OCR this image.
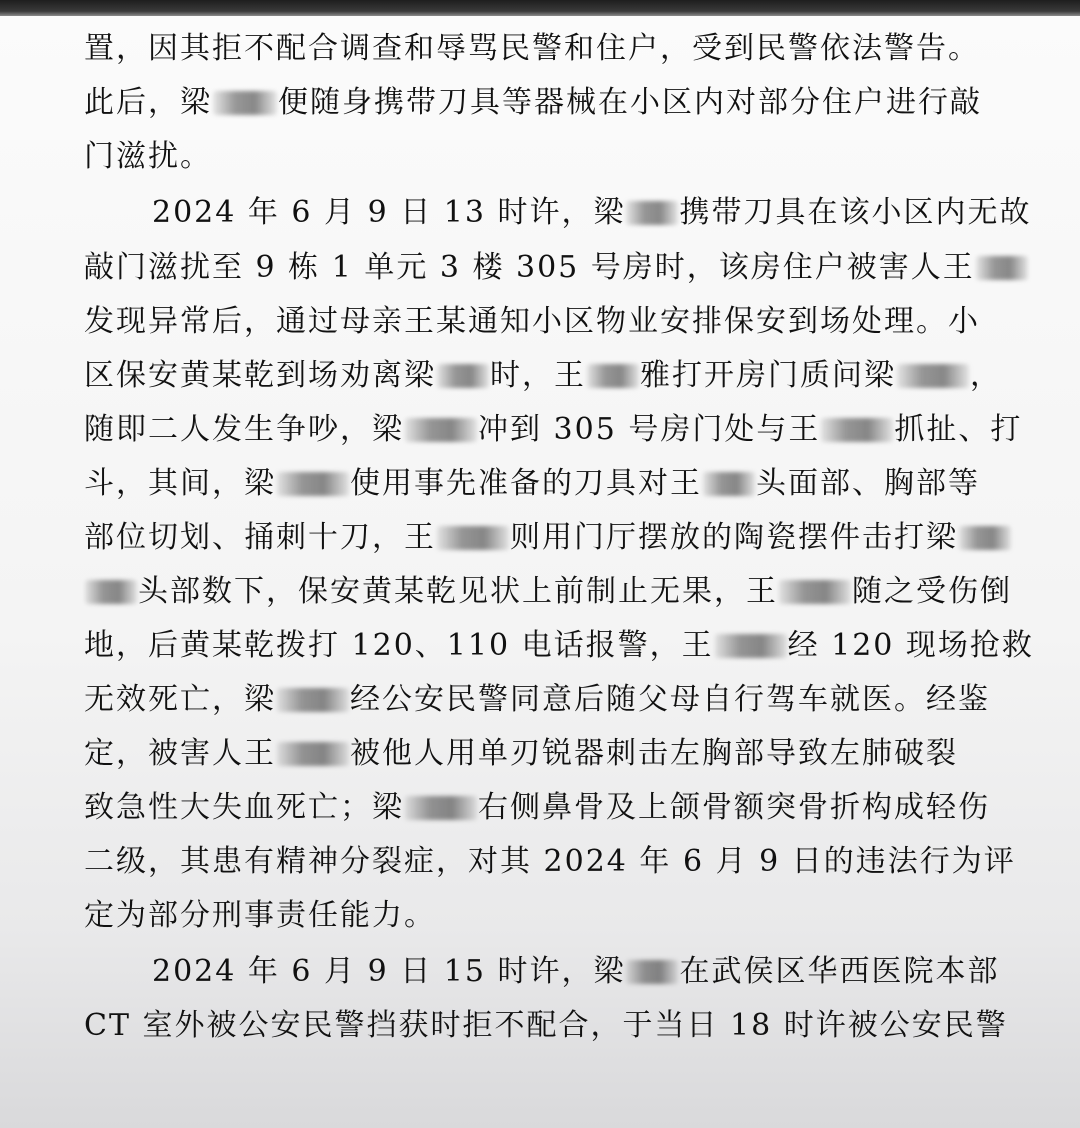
置，因其拒不配合调查和辱骂民警和住户，受到民警依法警告。
此后，梁 便随身携带刀具等器械在小区内对部分住户进行敲
门滋扰。
2024 年 6 月 9 日 13 时许，梁 携带刀具在该小区内无故
敲门滋扰至 9 栋 1 单元 3 楼 305 号房时，该房住户被害人王
发现异常后，通过母亲王某通知小区物业安排保安到场处理。小
区保安黄某乾到场劝离梁 时，王 雅打开房门质问梁 ，
随即二人发生争吵，梁 冲到 305 号房门处与王 抓扯、打
斗，其间，梁 使用事先准备的刀具对王 头面部、胸部等
部位切划、捅刺十刀，王 则用门厅摆放的陶瓷摆件击打梁
头部数下，保安黄某乾见状上前制止无果，王 随之受伤倒
地，后黄某乾拨打 120、110 电话报警，王 经 120 现场抢救
无效死亡，梁 经公安民警同意后随父母自行驾车就医。经鉴
定，被害人王 被他人用单刃锐器刺击左胸部导致左肺破裂
致急性大失血死亡；梁 右侧鼻骨及上颌骨额突骨折构成轻伤
二级，其患有精神分裂症，对其 2024 年 6 月 9 日的违法行为评
定为部分刑事责任能力。
2024 年 6 月 9 日 15 时许，梁 在武侯区华西医院本部
CT 室外被公安民警挡获时拒不配合，于当日 18 时许被公安民警
